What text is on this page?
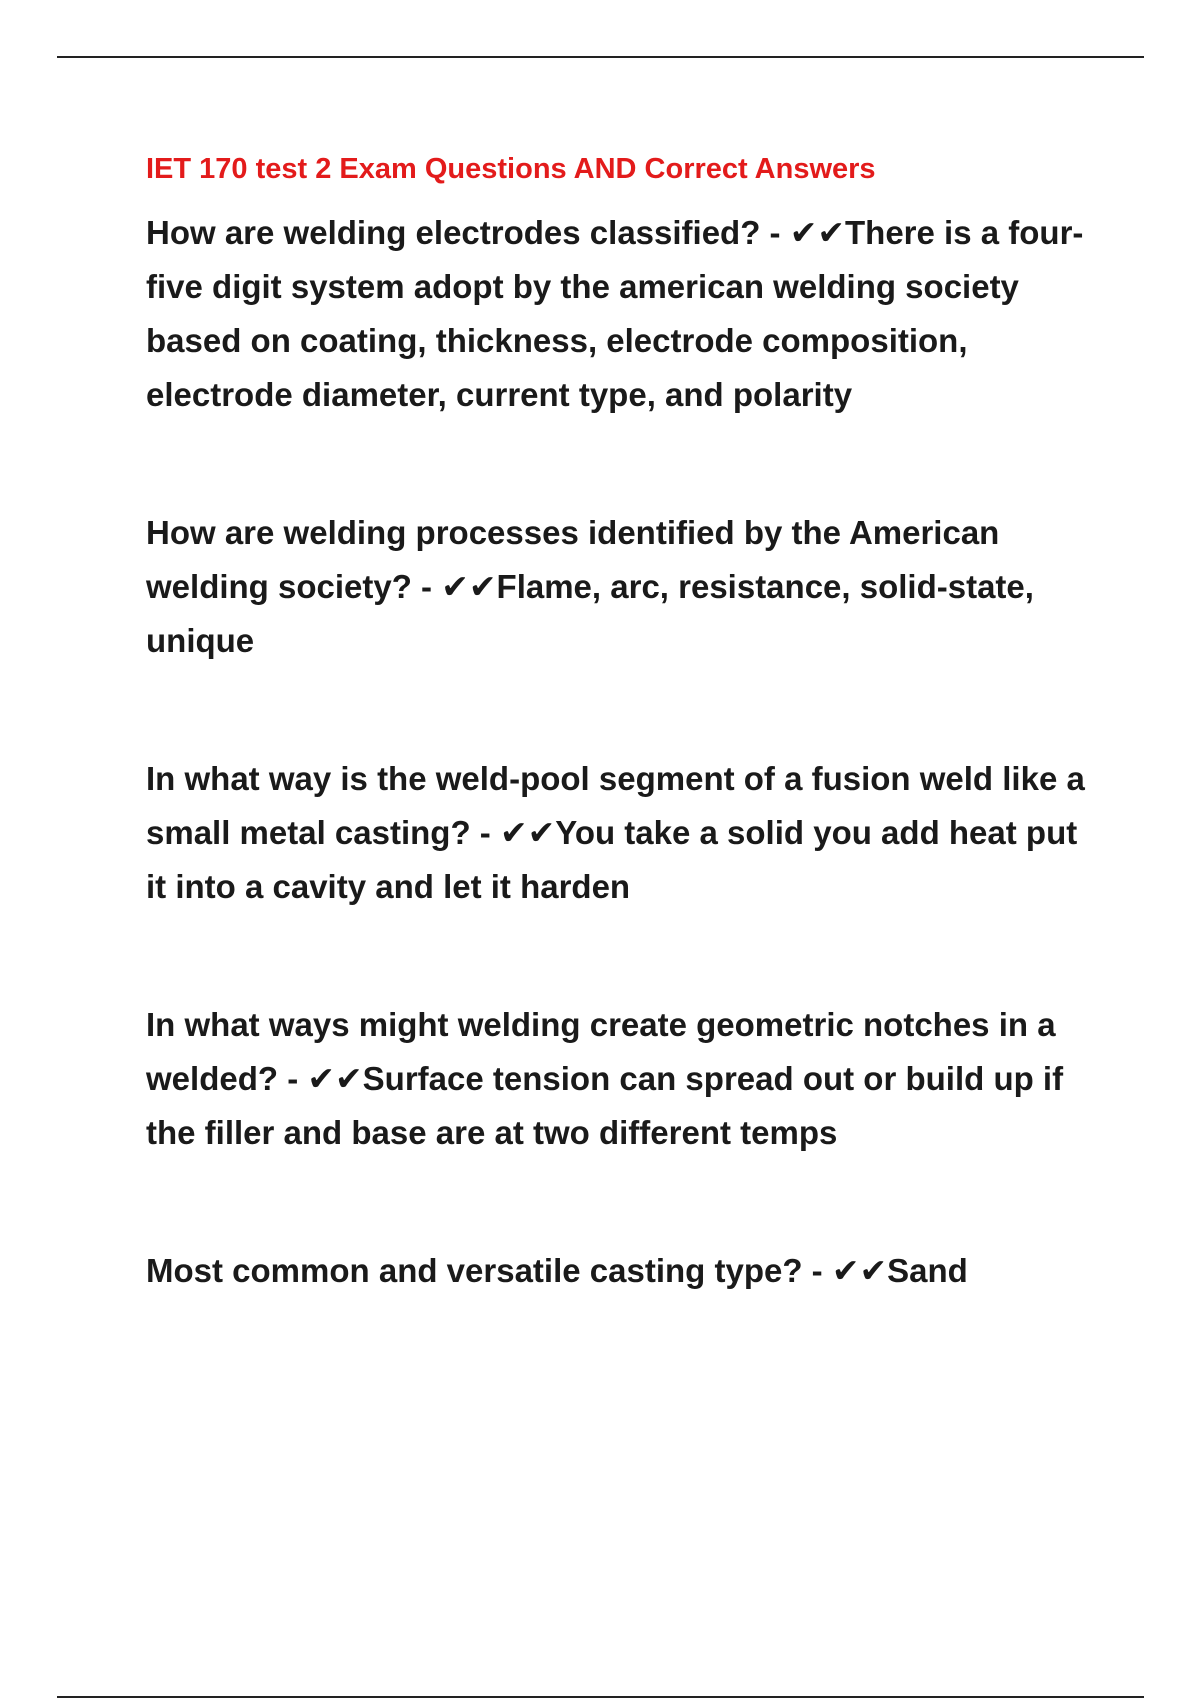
IET 170 test 2 Exam Questions AND Correct Answers

How are welding electrodes classified? - ✔✔There is a four- five digit system adopt by the american welding society based on coating, thickness, electrode composition, electrode diameter, current type, and polarity

How are welding processes identified by the American welding society? - ✔✔Flame, arc, resistance, solid-state, unique

In what way is the weld-pool segment of a fusion weld like a small metal casting? - ✔✔You take a solid you add heat put it into a cavity and let it harden

In what ways might welding create geometric notches in a welded? - ✔✔Surface tension can spread out or build up if the filler and base are at two different temps

Most common and versatile casting type? - ✔✔Sand
